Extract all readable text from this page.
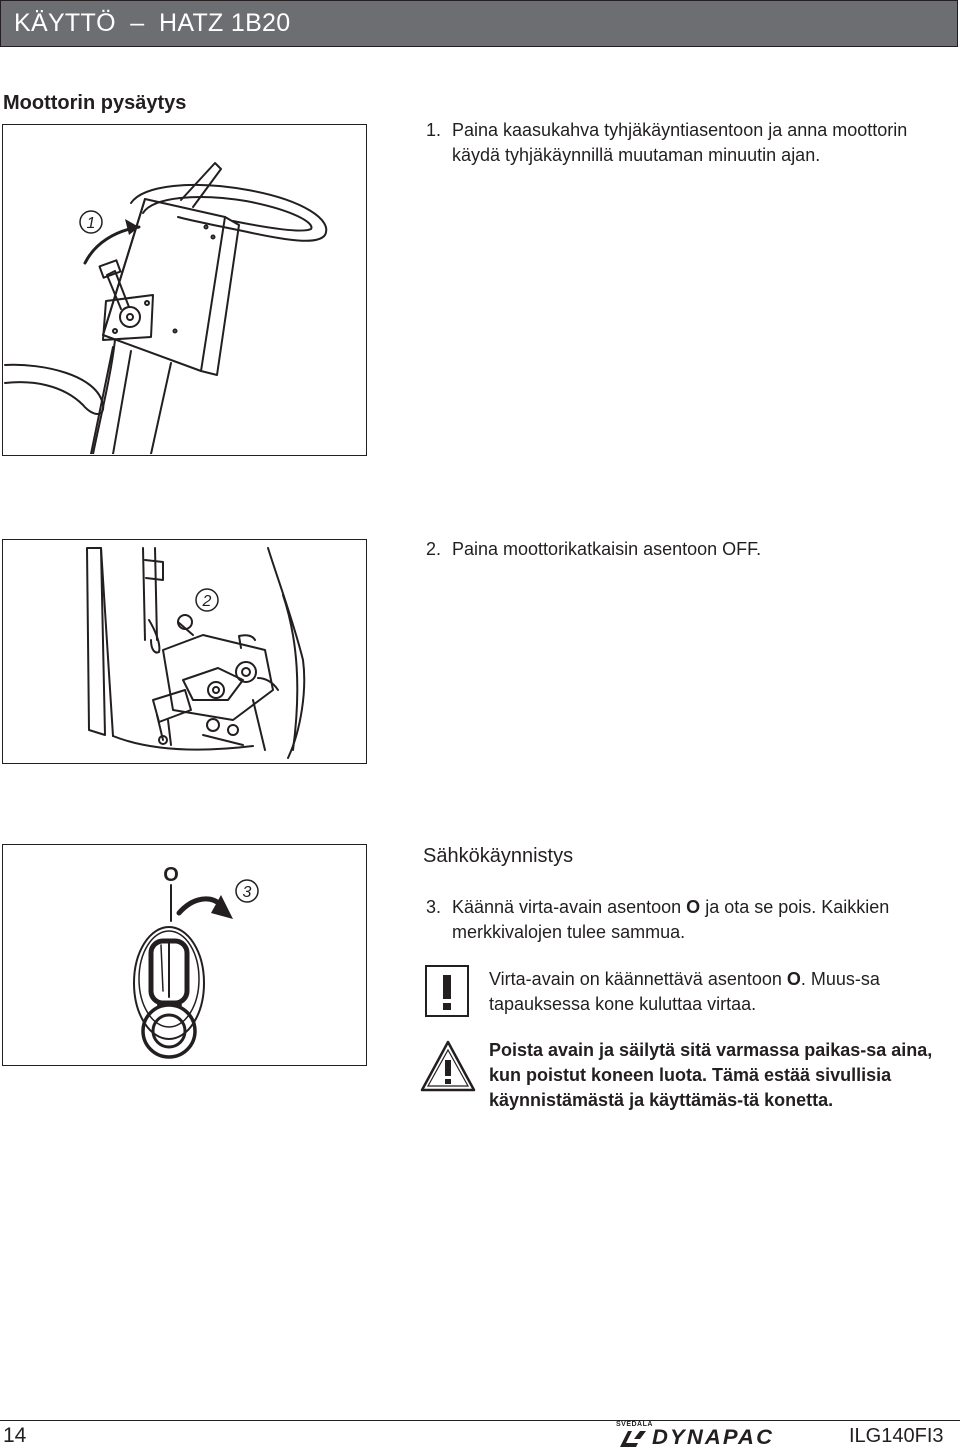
KÄYTTÖ  –  HATZ 1B20
Moottorin pysäytys
1
1. Paina kaasukahva tyhjäkäyntiasentoon ja anna moottorin käydä tyhjäkäynnillä muutaman minuutin ajan.
2
2. Paina moottorikatkaisin asentoon OFF.
O
3
Sähkökäynnistys
3. Käännä virta-avain asentoon O ja ota se pois. Kaikkien merkkivalojen tulee sammua.
Virta-avain on käännettävä asentoon O. Muus-sa tapauksessa kone kuluttaa virtaa.
Poista avain ja säilytä sitä varmassa paikas-sa aina, kun poistut koneen luota. Tämä estää sivullisia käynnistämästä ja käyttämäs-tä konetta.
14	SVEDALA
DYNAPAC	ILG140FI3
